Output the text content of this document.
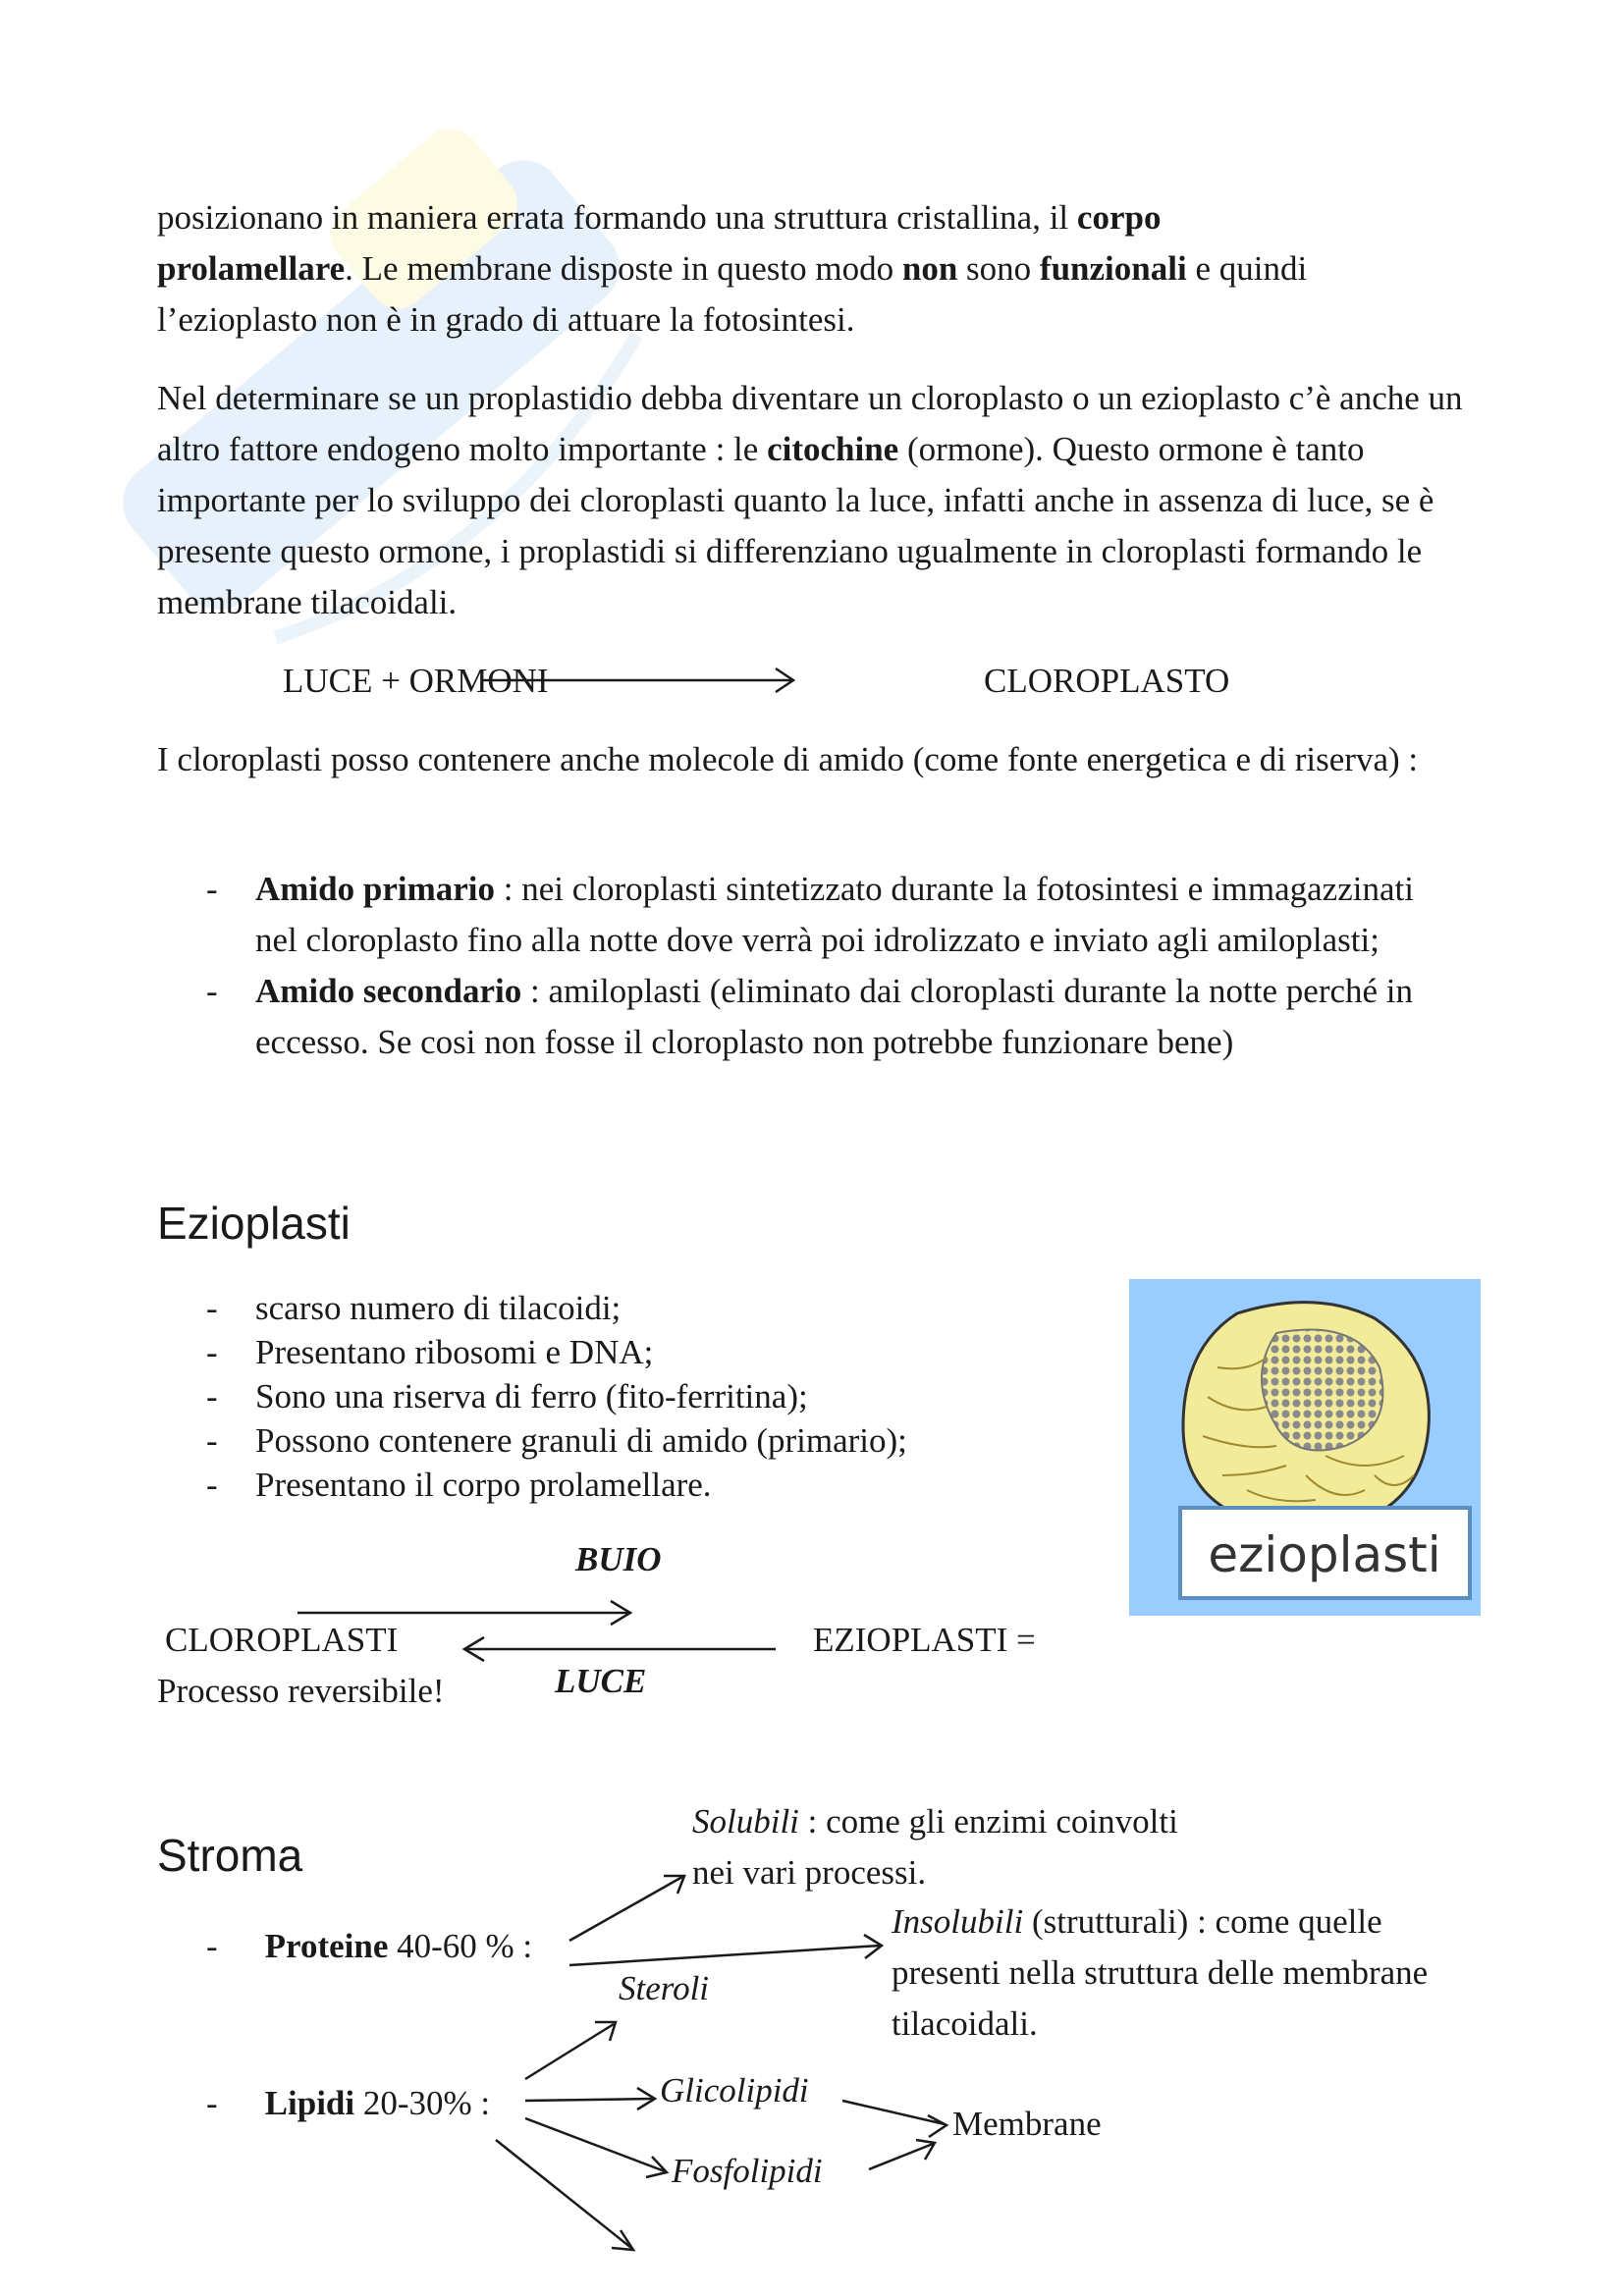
posizionano in maniera errata formando una struttura cristallina, il corpo
prolamellare. Le membrane disposte in questo modo non sono funzionali e quindi
l’ezioplasto non è in grado di attuare la fotosintesi.

Nel determinare se un proplastidio debba diventare un cloroplasto o un ezioplasto c’è anche un altro fattore endogeno molto importante : le citochine (ormone). Questo ormone è tanto importante per lo sviluppo dei cloroplasti quanto la luce, infatti anche in assenza di luce, se è presente questo ormone, i proplastidi si differenziano ugualmente in cloroplasti formando le membrane tilacoidali.

LUCE + ORMONI	CLOROPLASTO

I cloroplasti posso contenere anche molecole di amido (come fonte energetica e di riserva) :

- Amido primario : nei cloroplasti sintetizzato durante la fotosintesi e immagazzinati nel cloroplasto fino alla notte dove verrà poi idrolizzato e inviato agli amiloplasti;
- Amido secondario : amiloplasti (eliminato dai cloroplasti durante la notte perché in eccesso. Se cosi non fosse il cloroplasto non potrebbe funzionare bene)
Ezioplasti
- scarso numero di tilacoidi;
- Presentano ribosomi e DNA;
- Sono una riserva di ferro (fito-ferritina);
- Possono contenere granuli di amido (primario);
- Presentano il corpo prolamellare.
ezioplasti
BUIO
CLOROPLASTI	EZIOPLASTI =
LUCE
Processo reversibile!
Stroma
Solubili : come gli enzimi coinvolti
nei vari processi.
- Proteine 40-60 % :
Insolubili (strutturali) : come quelle
presenti nella struttura delle membrane
tilacoidali.
Steroli
- Lipidi 20-30% :	Glicolipidi
Fosfolipidi
Membrane
